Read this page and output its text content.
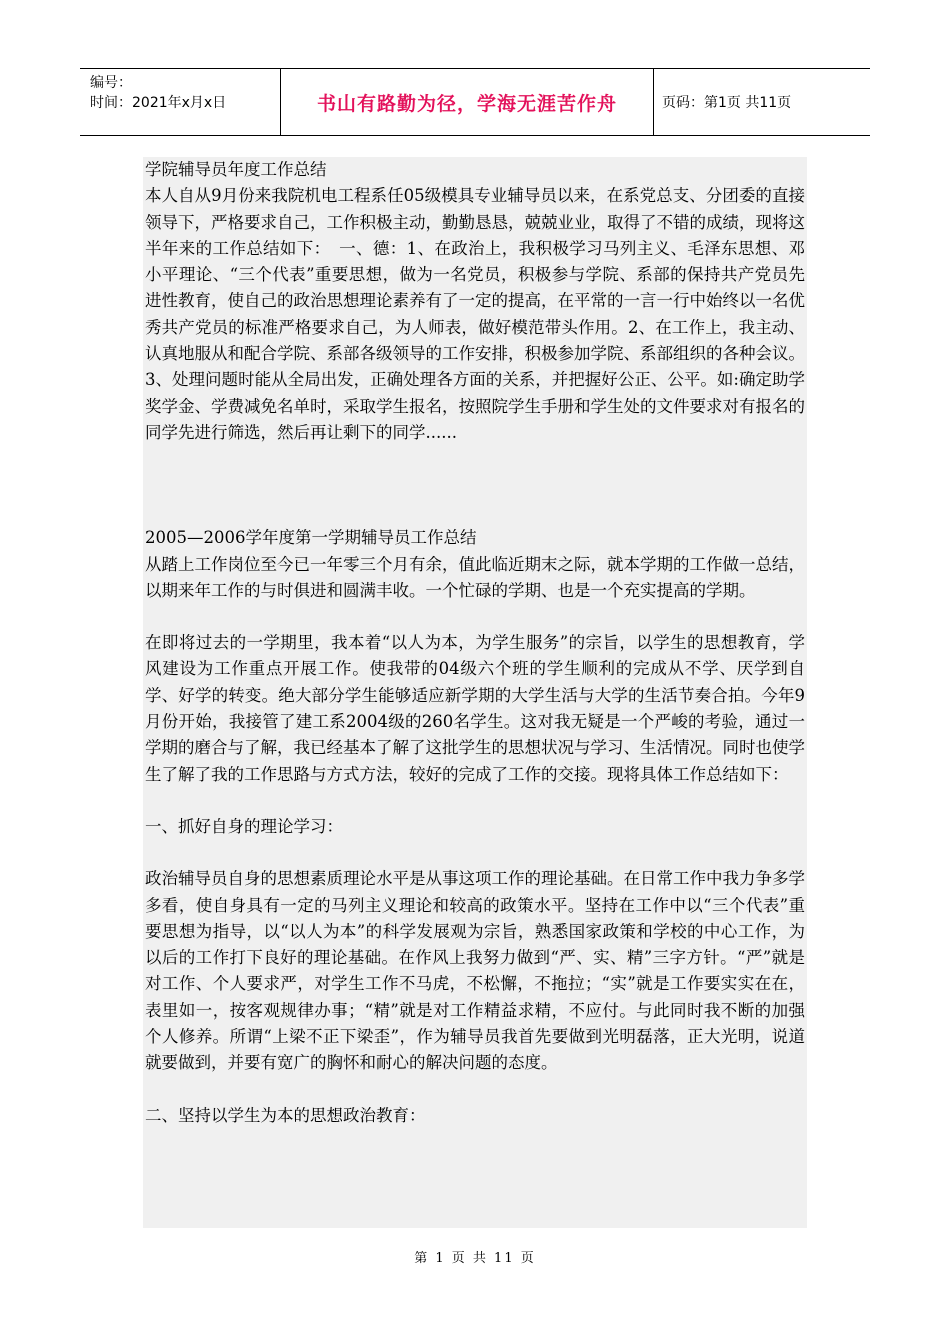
编号：
时间：2021年x月x日	书山有路勤为径，学海无涯苦作舟	页码：第1页 共11页

学院辅导员年度工作总结

本人自从9月份来我院机电工程系任05级模具专业辅导员以来，在系党总支、分团委的直接领导下，严格要求自己，工作积极主动，勤勤恳恳，兢兢业业，取得了不错的成绩，现将这半年来的工作总结如下：　一、德：1、在政治上，我积极学习马列主义、毛泽东思想、邓小平理论、“三个代表”重要思想，做为一名党员，积极参与学院、系部的保持共产党员先进性教育，使自己的政治思想理论素养有了一定的提高，在平常的一言一行中始终以一名优秀共产党员的标准严格要求自己，为人师表，做好模范带头作用。2、在工作上，我主动、认真地服从和配合学院、系部各级领导的工作安排，积极参加学院、系部组织的各种会议。3、处理问题时能从全局出发，正确处理各方面的关系，并把握好公正、公平。如:确定助学奖学金、学费减免名单时，采取学生报名，按照院学生手册和学生处的文件要求对有报名的同学先进行筛选，然后再让剩下的同学......

2005—2006学年度第一学期辅导员工作总结

从踏上工作岗位至今已一年零三个月有余，值此临近期末之际，就本学期的工作做一总结，以期来年工作的与时俱进和圆满丰收。一个忙碌的学期、也是一个充实提高的学期。

在即将过去的一学期里，我本着“以人为本，为学生服务”的宗旨，以学生的思想教育，学风建设为工作重点开展工作。使我带的04级六个班的学生顺利的完成从不学、厌学到自学、好学的转变。绝大部分学生能够适应新学期的大学生活与大学的生活节奏合拍。今年9月份开始，我接管了建工系2004级的260名学生。这对我无疑是一个严峻的考验，通过一学期的磨合与了解，我已经基本了解了这批学生的思想状况与学习、生活情况。同时也使学生了解了我的工作思路与方式方法，较好的完成了工作的交接。现将具体工作总结如下：

一、抓好自身的理论学习：

政治辅导员自身的思想素质理论水平是从事这项工作的理论基础。在日常工作中我力争多学多看，使自身具有一定的马列主义理论和较高的政策水平。坚持在工作中以“三个代表”重要思想为指导，以“以人为本”的科学发展观为宗旨，熟悉国家政策和学校的中心工作，为以后的工作打下良好的理论基础。在作风上我努力做到“严、实、精”三字方针。“严”就是对工作、个人要求严，对学生工作不马虎，不松懈，不拖拉；“实”就是工作要实实在在，表里如一，按客观规律办事；“精”就是对工作精益求精，不应付。与此同时我不断的加强个人修养。所谓“上梁不正下梁歪”，作为辅导员我首先要做到光明磊落，正大光明，说道就要做到，并要有宽广的胸怀和耐心的解决问题的态度。

二、坚持以学生为本的思想政治教育：

第 1 页 共 11 页
